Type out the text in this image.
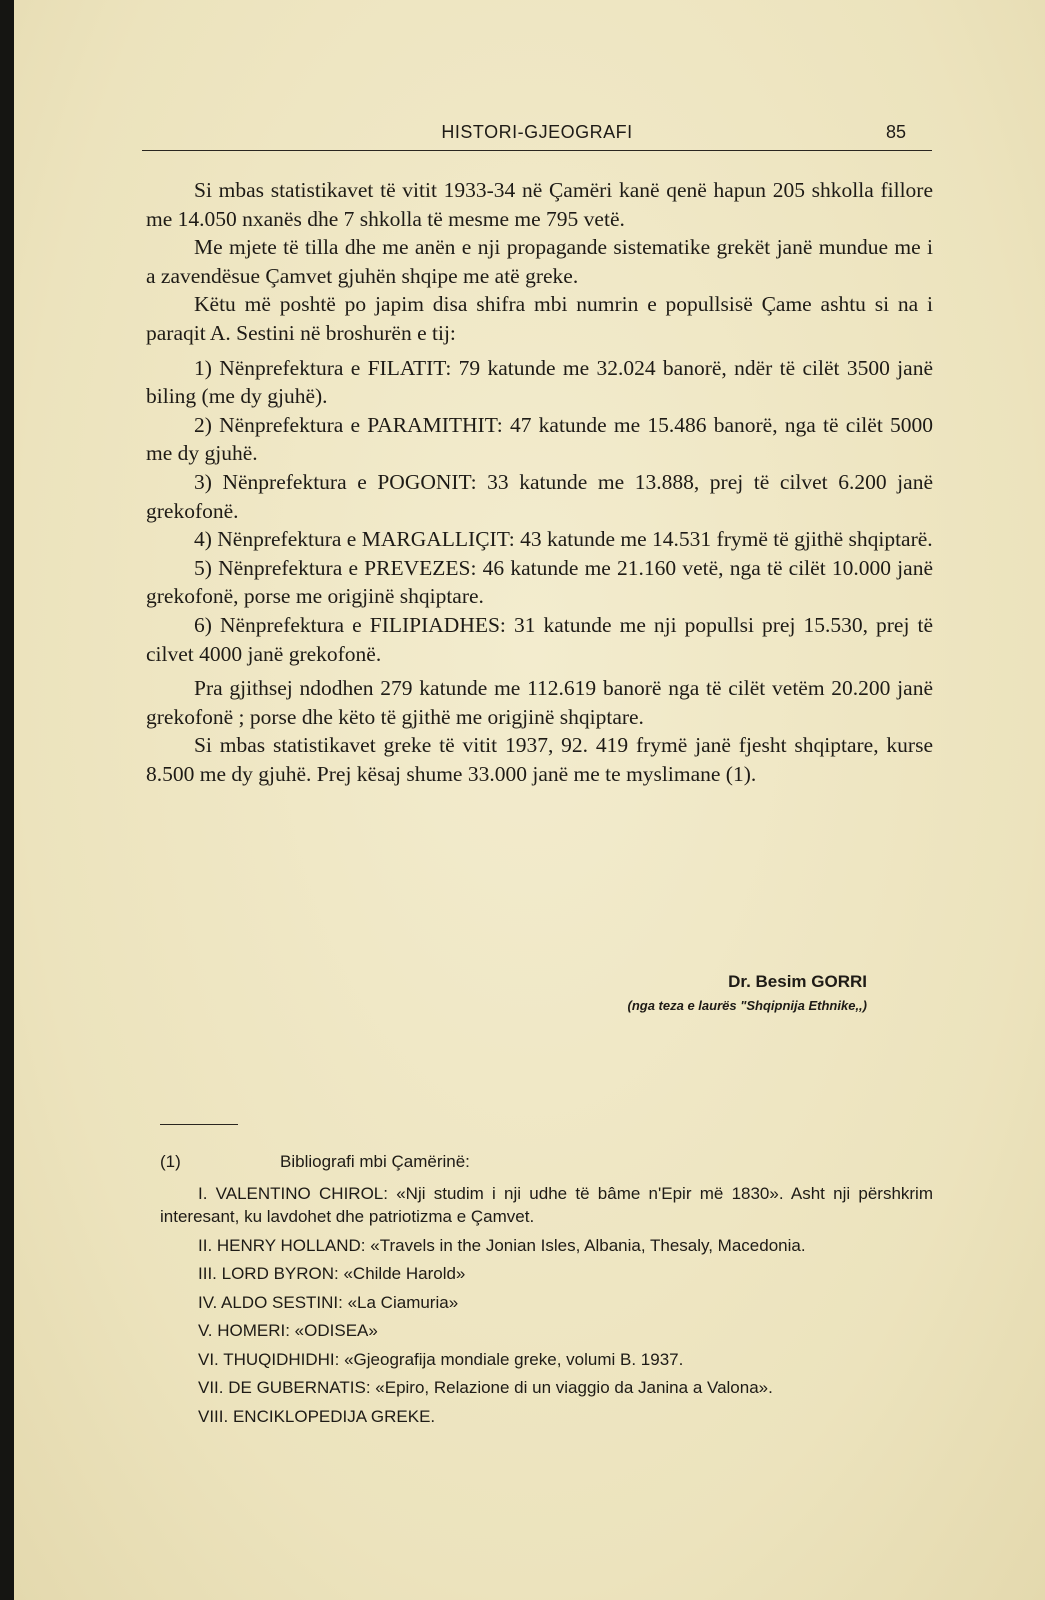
HISTORI-GJEOGRAFI	85

Si mbas statistikavet të vitit 1933-34 në Çamëri kanë qenë hapun 205 shkolla fillore me 14.050 nxanës dhe 7 shkolla të mesme me 795 vetë.

Me mjete të tilla dhe me anën e nji propagande sistematike grekët janë mundue me i a zavendësue Çamvet gjuhën shqipe me atë greke.

Këtu më poshtë po japim disa shifra mbi numrin e popullsisë Çame ashtu si na i paraqit A. Sestini në broshurën e tij:

1) Nënprefektura e FILATIT: 79 katunde me 32.024 banorë, ndër të cilët 3500 janë biling (me dy gjuhë).

2) Nënprefektura e PARAMITHIT: 47 katunde me 15.486 banorë, nga të cilët 5000 me dy gjuhë.

3) Nënprefektura e POGONIT: 33 katunde me 13.888, prej të cilvet 6.200 janë grekofonë.

4) Nënprefektura e MARGALLIÇIT: 43 katunde me 14.531 frymë të gjithë shqiptarë.

5) Nënprefektura e PREVEZES: 46 katunde me 21.160 vetë, nga të cilët 10.000 janë grekofonë, porse me origjinë shqiptare.

6) Nënprefektura e FILIPIADHES: 31 katunde me nji popullsi prej 15.530, prej të cilvet 4000 janë grekofonë.

Pra gjithsej ndodhen 279 katunde me 112.619 banorë nga të cilët vetëm 20.200 janë grekofonë ; porse dhe këto të gjithë me origjinë shqiptare.

Si mbas statistikavet greke të vitit 1937, 92. 419 frymë janë fjesht shqiptare, kurse 8.500 me dy gjuhë. Prej kësaj shume 33.000 janë me te myslimane (1).

Dr. Besim GORRI
(nga teza e laurës "Shqipnija Ethnike,,)
(1)	Bibliografi mbi Çamërinë:

I. VALENTINO CHIROL: «Nji studim i nji udhe të bâme n'Epir më 1830». Asht nji përshkrim interesant, ku lavdohet dhe patriotizma e Çamvet.

II. HENRY HOLLAND: «Travels in the Jonian Isles, Albania, Thesaly, Macedonia.

III. LORD BYRON: «Childe Harold»

IV. ALDO SESTINI: «La Ciamuria»

V. HOMERI: «ODISEA»

VI. THUQIDHIDHI: «Gjeografija mondiale greke, volumi B. 1937.

VII. DE GUBERNATIS: «Epiro, Relazione di un viaggio da Janina a Valona».

VIII. ENCIKLOPEDIJA GREKE.
